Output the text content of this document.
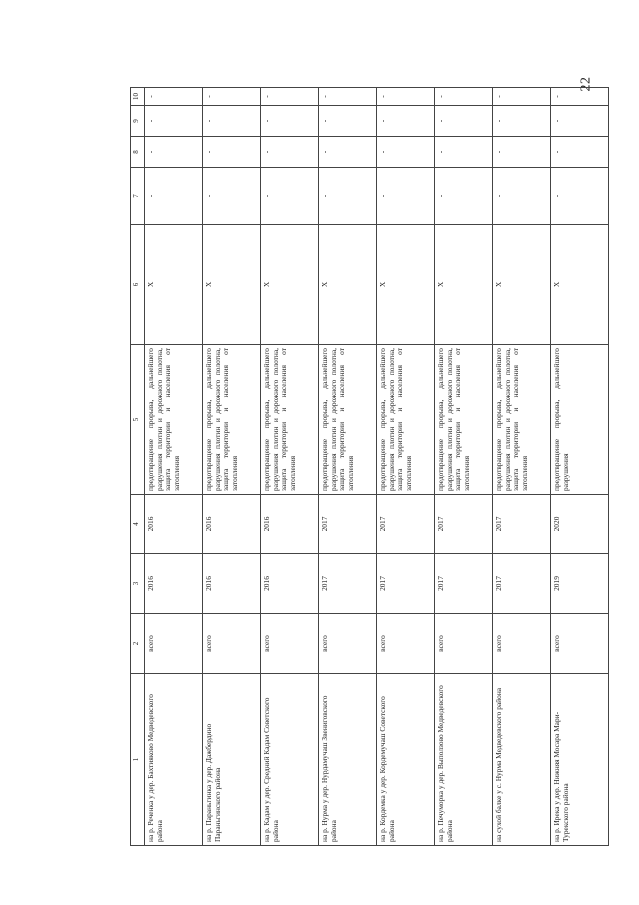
22
1	2	3	4	5	6	7	8	9	10
на р. Реченка у дер. Бахтияково Медведевского района	всего	2016	2016	предотвращение прорыва, дальнейшего разрушения плотин и дорожного полотна, защита территории и населения от затопления	Х	-	-	-	-
на р. Параньгинка у дер. Дажбердино Параньгинского района	всего	2016	2016	предотвращение прорыва, дальнейшего разрушения плотин и дорожного полотна, защита территории и населения от затопления	Х	-	-	-	-
на р. Кадам у дер. Средний Кадам Советского района	всего	2016	2016	предотвращение прорыва, дальнейшего разрушения плотин и дорожного полотна, защита территории и населения от затопления	Х	-	-	-	-
на р. Нурма у дер. Нурдамучаш Звениговского района	всего	2017	2017	предотвращение прорыва, дальнейшего разрушения плотин и дорожного полотна, защита территории и населения от затопления	Х	-	-	-	-
на р. Кордемка у дер. Кордемучаш Советского района	всего	2017	2017	предотвращение прорыва, дальнейшего разрушения плотин и дорожного полотна, защита территории и населения от затопления	Х	-	-	-	-
на р. Печуморка у дер. Выползово Медведевского района	всего	2017	2017	предотвращение прорыва, дальнейшего разрушения плотин и дорожного полотна, защита территории и населения от затопления	Х	-	-	-	-
на сухой балке у с. Нурма Медведевского района	всего	2017	2017	предотвращение прорыва, дальнейшего разрушения плотин и дорожного полотна, защита территории и населения от затопления	Х	-	-	-	-
на р. Ирека у дер. Нижняя Мосара Мари-Турекского района	всего	2019	2020	предотвращение прорыва, дальнейшего разрушения	Х	-	-	-	-
